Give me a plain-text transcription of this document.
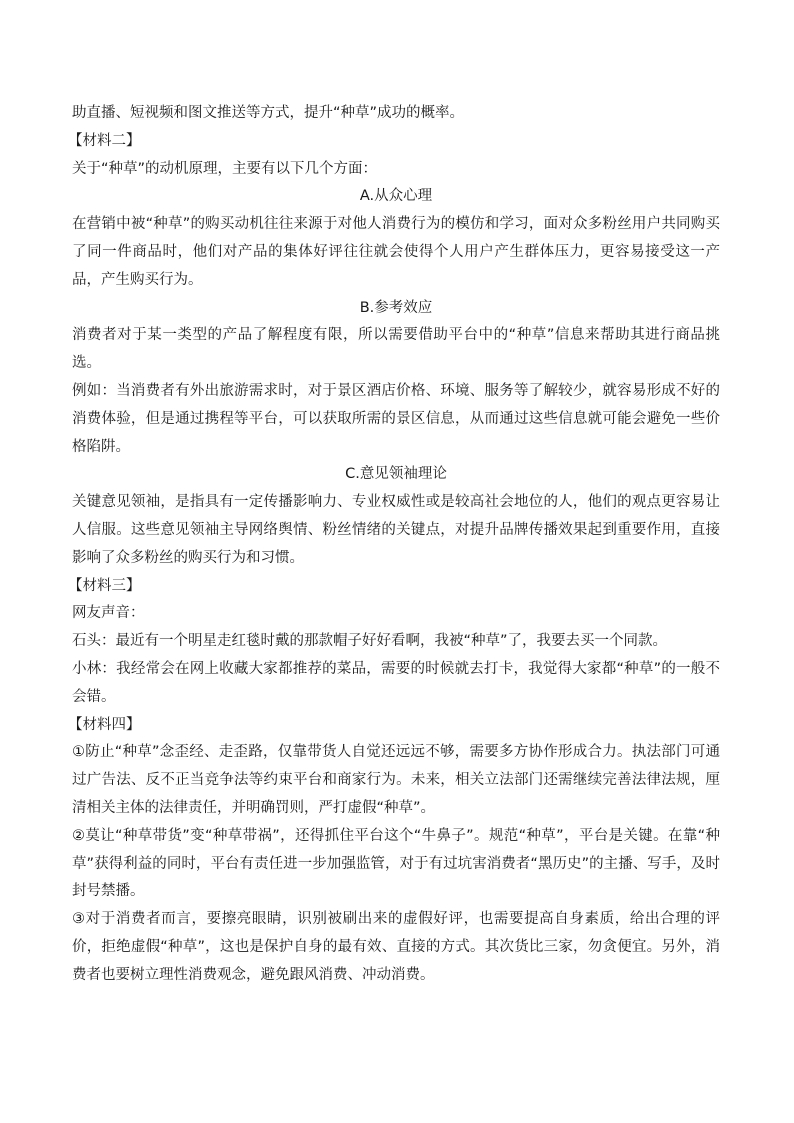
助直播、短视频和图文推送等方式，提升“种草”成功的概率。

【材料二】

关于“种草”的动机原理，主要有以下几个方面：

A.从众心理

在营销中被“种草”的购买动机往往来源于对他人消费行为的模仿和学习，面对众多粉丝用户共同购买了同一件商品时，他们对产品的集体好评往往就会使得个人用户产生群体压力，更容易接受这一产品，产生购买行为。

B.参考效应

消费者对于某一类型的产品了解程度有限，所以需要借助平台中的“种草”信息来帮助其进行商品挑选。

例如：当消费者有外出旅游需求时，对于景区酒店价格、环境、服务等了解较少，就容易形成不好的消费体验，但是通过携程等平台，可以获取所需的景区信息，从而通过这些信息就可能会避免一些价格陷阱。

C.意见领袖理论

关键意见领袖，是指具有一定传播影响力、专业权威性或是较高社会地位的人，他们的观点更容易让人信服。这些意见领袖主导网络舆情、粉丝情绪的关键点，对提升品牌传播效果起到重要作用，直接影响了众多粉丝的购买行为和习惯。

【材料三】

网友声音：

石头：最近有一个明星走红毯时戴的那款帽子好好看啊，我被“种草”了，我要去买一个同款。

小林：我经常会在网上收藏大家都推荐的菜品，需要的时候就去打卡，我觉得大家都“种草”的一般不会错。

【材料四】

①防止“种草”念歪经、走歪路，仅靠带货人自觉还远远不够，需要多方协作形成合力。执法部门可通过广告法、反不正当竞争法等约束平台和商家行为。未来，相关立法部门还需继续完善法律法规，厘清相关主体的法律责任，并明确罚则，严打虚假“种草”。

②莫让“种草带货”变“种草带祸”，还得抓住平台这个“牛鼻子”。规范“种草”，平台是关键。在靠“种草”获得利益的同时，平台有责任进一步加强监管，对于有过坑害消费者“黑历史”的主播、写手，及时封号禁播。

③对于消费者而言，要擦亮眼睛，识别被刷出来的虚假好评，也需要提高自身素质，给出合理的评价，拒绝虚假“种草”，这也是保护自身的最有效、直接的方式。其次货比三家，勿贪便宜。另外，消费者也要树立理性消费观念，避免跟风消费、冲动消费。
